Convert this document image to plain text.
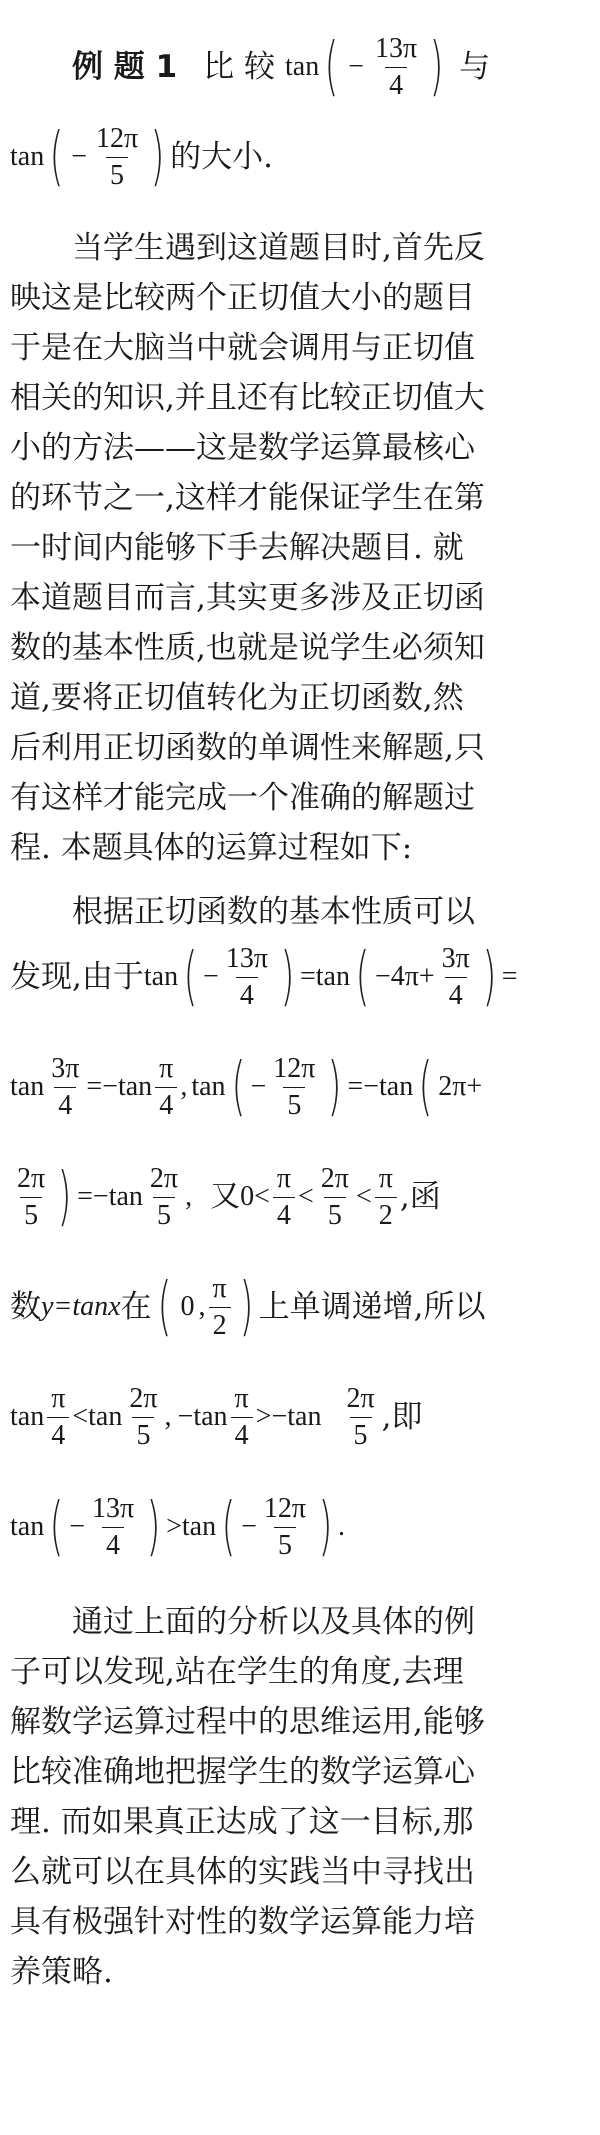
例 题 1 比 较 tan ( − $\frac{13\pi}{4}$ ) 与
tan ( − $\frac{12\pi}{5}$ ) 的大小.
当学生遇到这道题目时,首先反
映这是比较两个正切值大小的题目
于是在大脑当中就会调用与正切值
相关的知识,并且还有比较正切值大
小的方法——这是数学运算最核心
的环节之一,这样才能保证学生在第
一时间内能够下手去解决题目. 就
本道题目而言,其实更多涉及正切函
数的基本性质,也就是说学生必须知
道,要将正切值转化为正切函数,然
后利用正切函数的单调性来解题,只
有这样才能完成一个准确的解题过
程. 本题具体的运算过程如下:
根据正切函数的基本性质可以
发现,由于 tan ( − $\frac{13\pi}{4}$ ) = tan ( $-4\pi+ \frac{3\pi}{4}$ ) =
$\tan \frac{3\pi}{4}$ = − $\tan \frac{\pi}{4}$ , tan ( − $\frac{12\pi}{5}$ ) = − tan ( 2π+
$\frac{2\pi}{5}$ ) = − $\tan \frac{2\pi}{5}$ , 又 $0< \frac{\pi}{4} < \frac{2\pi}{5} < \frac{\pi}{2}$ ,函
数 y=tanx 在 ( 0 , $\frac{\pi}{2}$ ) 上单调递增,所以
$\tan \frac{\pi}{4} < \tan \frac{2\pi}{5}$ , − $\tan \frac{\pi}{4}$ > − $\tan \frac{2\pi}{5}$ ,即
tan ( − $\frac{13\pi}{4}$ ) > tan ( − $\frac{12\pi}{5}$ ) .
通过上面的分析以及具体的例
子可以发现,站在学生的角度,去理
解数学运算过程中的思维运用,能够
比较准确地把握学生的数学运算心
理. 而如果真正达成了这一目标,那
么就可以在具体的实践当中寻找出
具有极强针对性的数学运算能力培
养策略.
